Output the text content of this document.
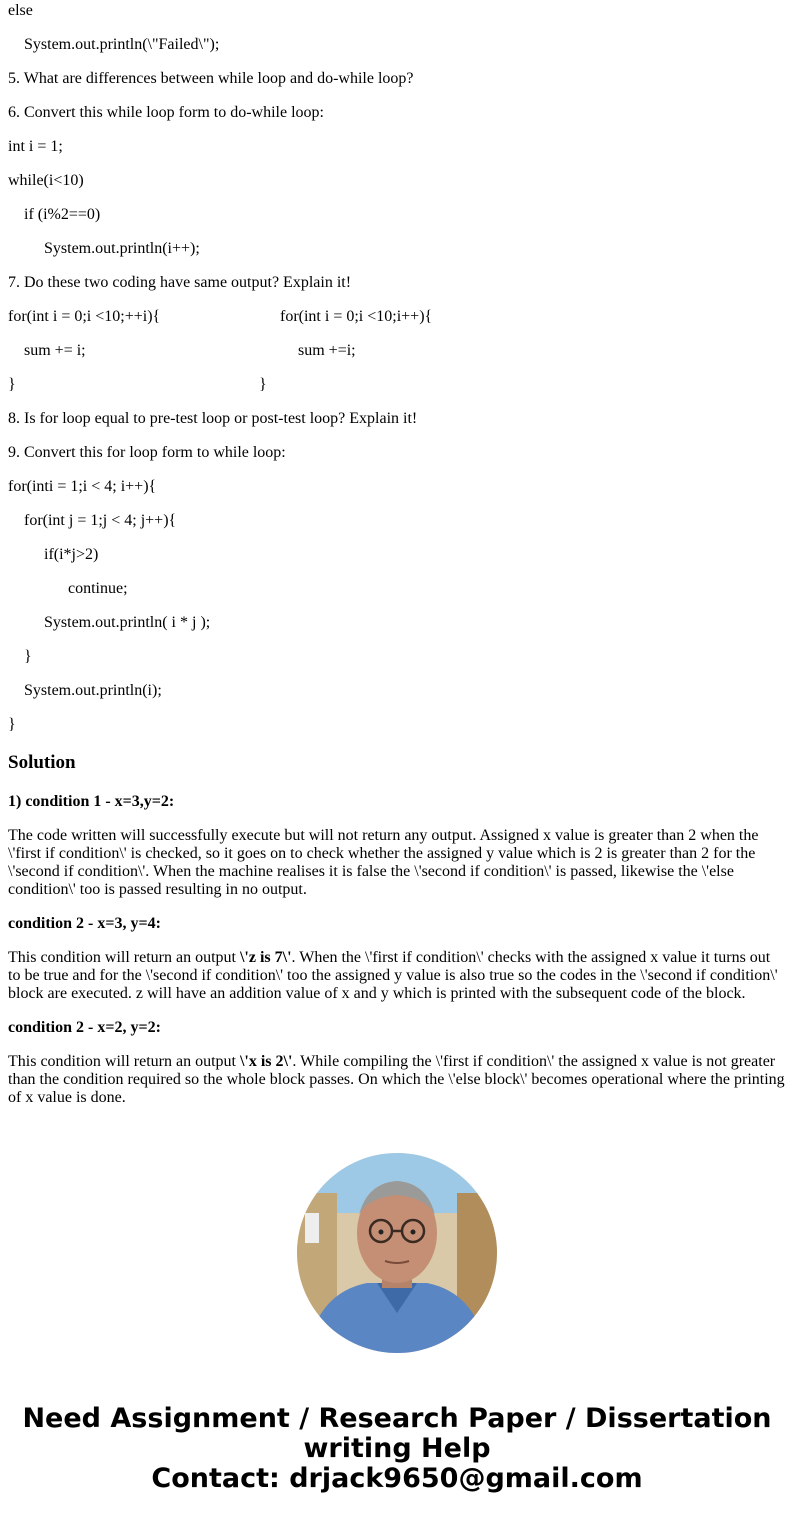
else
System.out.println(\"Failed\");
5. What are differences between while loop and do-while loop?
6. Convert this while loop form to do-while loop:
int i = 1;
while(i<10)
if (i%2==0)
System.out.println(i++);
7. Do these two coding have same output? Explain it!
for(int i = 0;i <10;++i){	for(int i = 0;i <10;i++){
sum += i;	sum +=i;
}	}
8. Is for loop equal to pre-test loop or post-test loop? Explain it!
9. Convert this for loop form to while loop:
for(inti = 1;i < 4; i++){
for(int j = 1;j < 4; j++){
if(i*j>2)
continue;
System.out.println( i * j );
}
System.out.println(i);
}
Solution
1) condition 1 - x=3,y=2:
The code written will successfully execute but will not return any output. Assigned x value is greater than 2 when the \'first if condition\' is checked, so it goes on to check whether the assigned y value which is 2 is greater than 2 for the \'second if condition\'. When the machine realises it is false the \'second if condition\' is passed, likewise the \'else condition\' too is passed resulting in no output.
condition 2 - x=3, y=4:
This condition will return an output \'z is 7\'. When the \'first if condition\' checks with the assigned x value it turns out to be true and for the \'second if condition\' too the assigned y value is also true so the codes in the \'second if condition\' block are executed. z will have an addition value of x and y which is printed with the subsequent code of the block.
condition 2 - x=2, y=2:
This condition will return an output \'x is 2\'. While compiling the \'first if condition\' the assigned x value is not greater than the condition required so the whole block passes. On which the \'else block\' becomes operational where the printing of x value is done.
Need Assignment / Research Paper / Dissertation
writing Help
Contact: drjack9650@gmail.com
